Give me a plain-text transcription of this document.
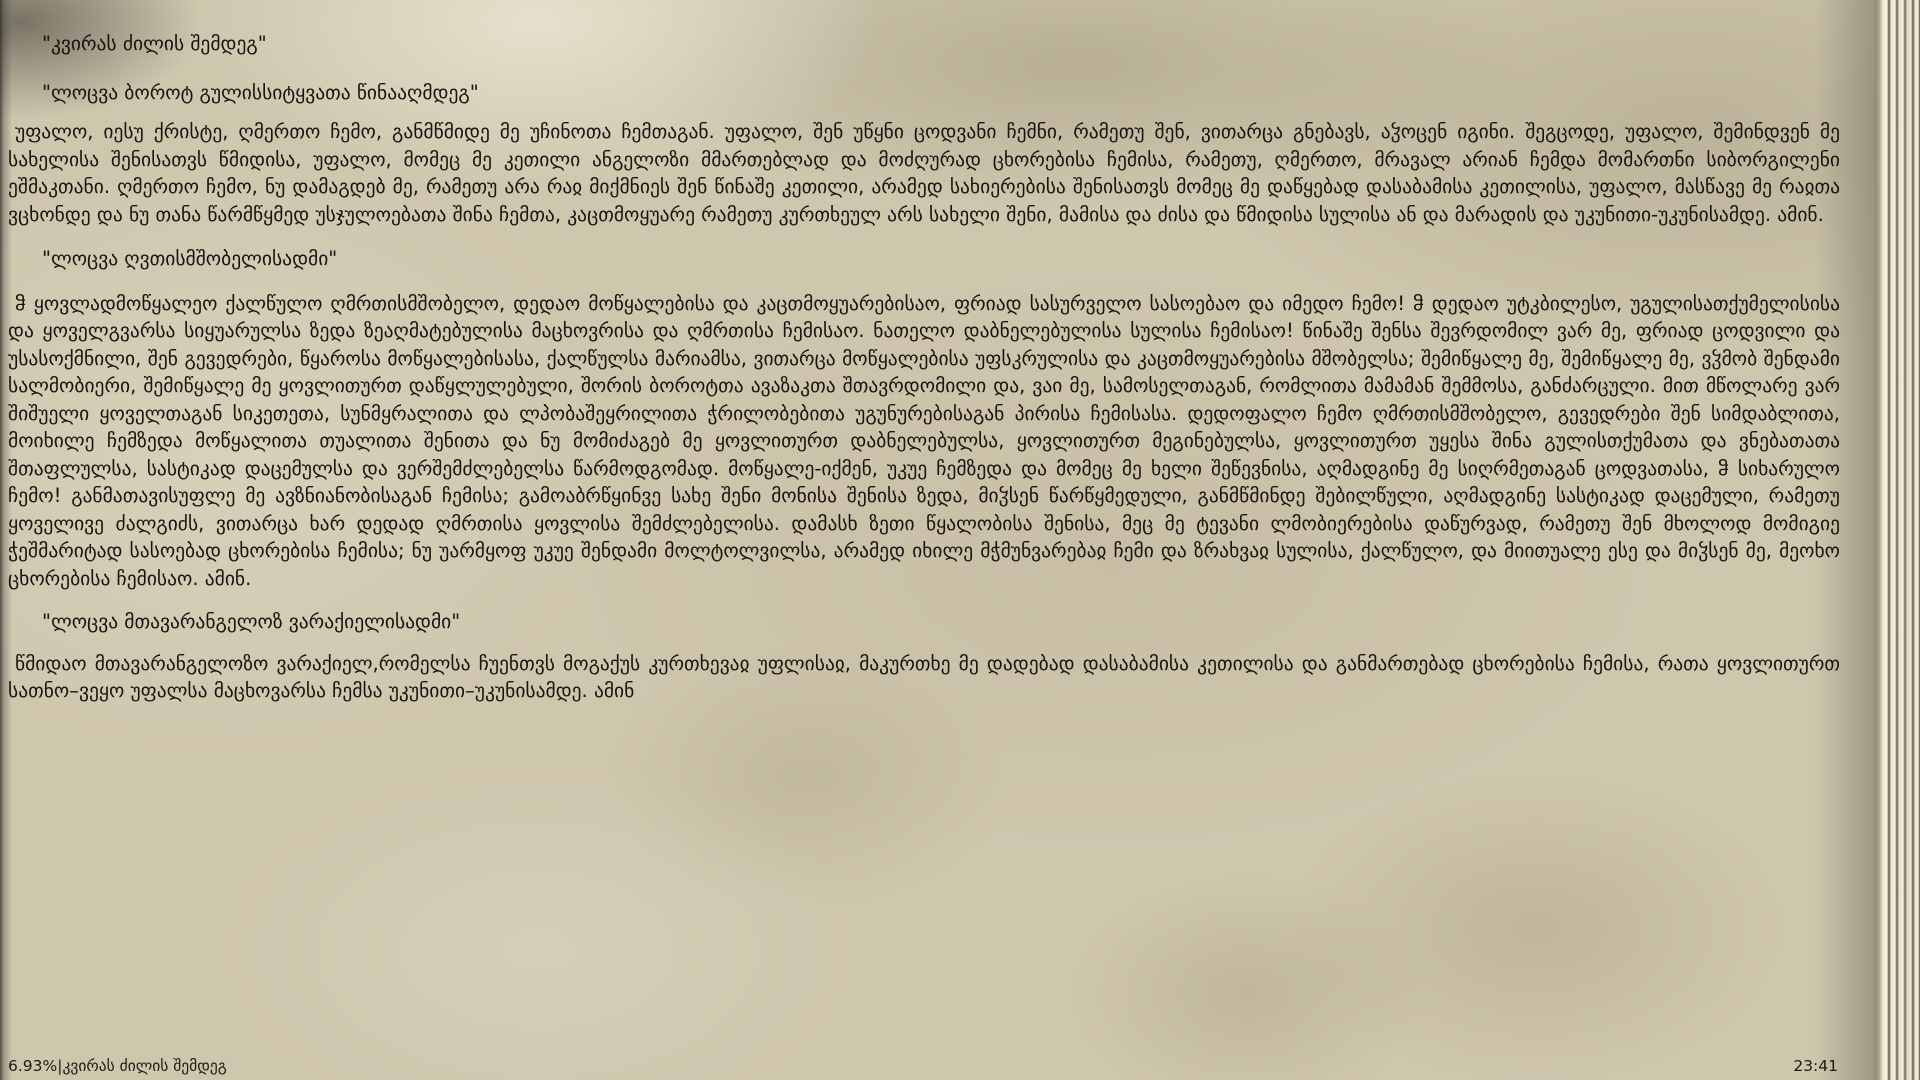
"კვირას ძილის შემდეგ"
"ლოცვა ბოროტ გულისსიტყვათა წინააღმდეგ"

უფალო, იესუ ქრისტე, ღმერთო ჩემო, განმწმიდე მე უჩინოთა ჩემთაგან. უფალო, შენ უწყნი ცოდვანი ჩემნი, რამეთუ შენ, ვითარცა გნებავს, აჴოცენ იგინი. შეგცოდე, უფალო, შემინდვენ მე სახელისა შენისათვს წმიდისა, უფალო, მომეც მე კეთილი ანგელოზი მმართებლად და მოძღურად ცხორებისა ჩემისა, რამეთუ, ღმერთო, მრავალ არიან ჩემდა მომართნი სიბორგილენი ეშმაკთანი. ღმერთო ჩემო, ნუ დამაგდებ მე, რამეთუ არა რაჲ მიქმნიეს შენ წინაშე კეთილი, არამედ სახიერებისა შენისათვს მომეც მე დაწყებად დასაბამისა კეთილისა, უფალო, მასწავე მე რაჲთა ვცხონდე და ნუ თანა წარმწყმედ უსჯულოებათა შინა ჩემთა, კაცთმოყუარე რამეთუ კურთხეულ არს სახელი შენი, მამისა და ძისა და წმიდისა სულისა ან და მარადის და უკუნითი-უკუნისამდე. ამინ.

"ლოცვა ღვთისმშობელისადმი"

ჵ ყოვლადმოწყალეო ქალწულო ღმრთისმშობელო, დედაო მოწყალებისა და კაცთმოყუარებისაო, ფრიად სასურველო სასოებაო და იმედო ჩემო! ჵ დედაო უტკბილესო, უგულისათქუმელისისა და ყოველგვარსა სიყუარულსა ზედა ზეაღმატებულისა მაცხოვრისა და ღმრთისა ჩემისაო. ნათელო დაბნელებულისა სულისა ჩემისაო! წინაშე შენსა შევრდომილ ვარ მე, ფრიად ცოდვილი და უსასოქმნილი, შენ გევედრები, წყაროსა მოწყალებისასა, ქალწულსა მარიამსა, ვითარცა მოწყალებისა უფსკრულისა და კაცთმოყუარებისა მშობელსა; შემიწყალე მე, შემიწყალე მე, ვჴმობ შენდამი სალმობიერი, შემიწყალე მე ყოვლითურთ დაწყლულებული, შორის ბოროტთა ავაზაკთა შთავრდომილი და, ვაი მე, სამოსელთაგან, რომლითა მამამან შემმოსა, განძარცული. მით მწოლარე ვარ შიშუელი ყოველთაგან სიკეთეთა, სუნმყრალითა და ლპობაშეყრილითა ჭრილობებითა უგუნურებისაგან პირისა ჩემისასა. დედოფალო ჩემო ღმრთისმშობელო, გევედრები შენ სიმდაბლითა, მოიხილე ჩემზედა მოწყალითა თუალითა შენითა და ნუ მომიძაგებ მე ყოვლითურთ დაბნელებულსა, ყოვლითურთ მეგინებულსა, ყოვლითურთ უყესა შინა გულისთქუმათა და ვნებათათა შთაფლულსა, სასტიკად დაცემულსა და ვერშემძლებელსა წარმოდგომად. მოწყალე-იქმენ, უკუე ჩემზედა და მომეც მე ხელი შეწევნისა, აღმადგინე მე სიღრმეთაგან ცოდვათასა, ჵ სიხარულო ჩემო! განმათავისუფლე მე ავზნიანობისაგან ჩემისა; გამოაბრწყინვე სახე შენი მონისა შენისა ზედა, მიჴსენ წარწყმედული, განმწმინდე შებილწული, აღმადგინე სასტიკად დაცემული, რამეთუ ყოველივე ძალგიძს, ვითარცა ხარ დედად ღმრთისა ყოვლისა შემძლებელისა. დამასხ ზეთი წყალობისა შენისა, მეც მე ტევანი ლმობიერებისა დაწურვად, რამეთუ შენ მხოლოდ მომიგიე ჭეშმარიტად სასოებად ცხორებისა ჩემისა; ნუ უარმყოფ უკუე შენდამი მოლტოლვილსა, არამედ იხილე მჭმუნვარებაჲ ჩემი და ზრახვაჲ სულისა, ქალწულო, და მიითუალე ესე და მიჴსენ მე, მეოხო ცხორებისა ჩემისაო. ამინ.

"ლოცვა მთავარანგელოზ ვარაქიელისადმი"

წმიდაო მთავარანგელოზო ვარაქიელ,რომელსა ჩუენთვს მოგაქუს კურთხევაჲ უფლისაჲ, მაკურთხე მე დადებად დასაბამისა კეთილისა და განმართებად ცხორებისა ჩემისა, რათა ყოვლითურთ სათნო–ვეყო უფალსა მაცხოვარსა ჩემსა უკუნითი–უკუნისამდე. ამინ

6.93% | კვირას ძილის შემდეგ	23:41
